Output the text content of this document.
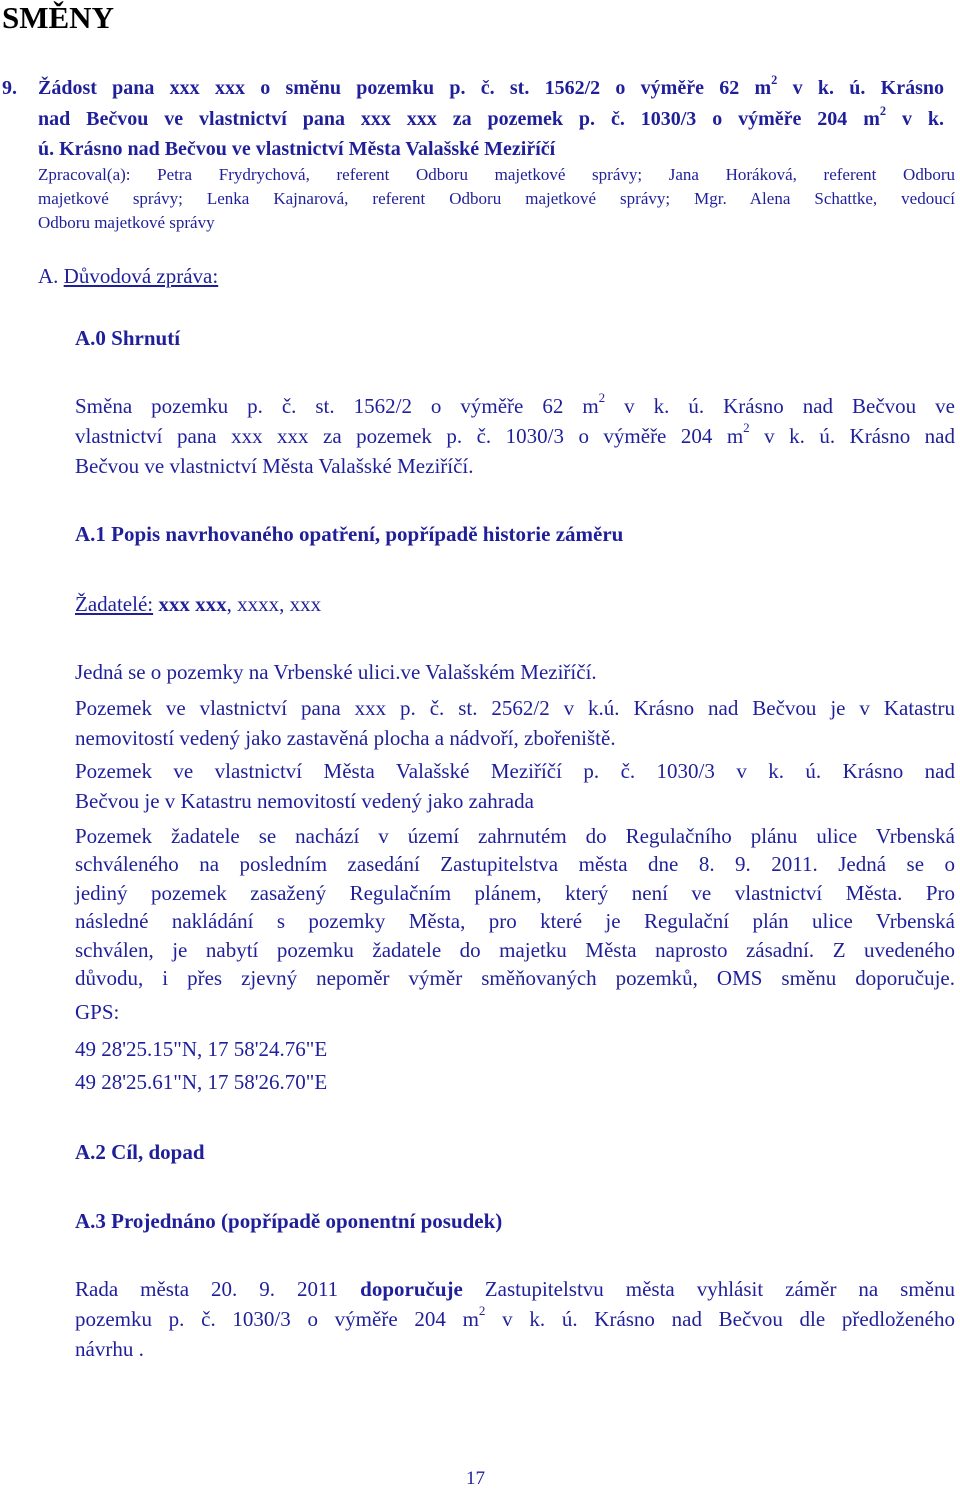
SMĚNY
9. Žádost pana xxx xxx o směnu pozemku p. č. st. 1562/2 o výměře 62 $m^2$ v k. ú. Krásno
nad Bečvou ve vlastnictví pana xxx xxx za pozemek p. č. 1030/3 o výměře 204 $m^2$ v k.
ú. Krásno nad Bečvou ve vlastnictví Města Valašské Meziříčí
Zpracoval(a): Petra Frydrychová, referent Odboru majetkové správy; Jana Horáková, referent Odboru
majetkové správy; Lenka Kajnarová, referent Odboru majetkové správy; Mgr. Alena Schattke, vedoucí
Odboru majetkové správy
A. Důvodová zpráva:
A.0 Shrnutí
Směna pozemku p. č. st. 1562/2 o výměře 62 $m^2$ v k. ú. Krásno nad Bečvou ve
vlastnictví pana xxx xxx za pozemek p. č. 1030/3 o výměře 204 $m^2$ v k. ú. Krásno nad
Bečvou ve vlastnictví Města Valašské Meziříčí.
A.1 Popis navrhovaného opatření, popřípadě historie záměru
Žadatelé: xxx xxx, xxxx, xxx
Jedná se o pozemky na Vrbenské ulici.ve Valašském Meziříčí.
Pozemek ve vlastnictví pana xxx p. č. st. 2562/2 v k.ú. Krásno nad Bečvou je v Katastru
nemovitostí vedený jako zastavěná plocha a nádvoří, zbořeniště.
Pozemek ve vlastnictví Města Valašské Meziříčí p. č. 1030/3 v k. ú. Krásno nad
Bečvou je v Katastru nemovitostí vedený jako zahrada
Pozemek žadatele se nachází v území zahrnutém do Regulačního plánu ulice Vrbenská
schváleného na posledním zasedání Zastupitelstva města dne 8. 9. 2011. Jedná se o
jediný pozemek zasažený Regulačním plánem, který není ve vlastnictví Města. Pro
následné nakládání s pozemky Města, pro které je Regulační plán ulice Vrbenská
schválen, je nabytí pozemku žadatele do majetku Města naprosto zásadní. Z uvedeného
důvodu, i přes zjevný nepoměr výměr směňovaných pozemků, OMS směnu doporučuje.
GPS:
49 28'25.15"N, 17 58'24.76"E
49 28'25.61"N, 17 58'26.70"E
A.2 Cíl, dopad
A.3 Projednáno (popřípadě oponentní posudek)
Rada města 20. 9. 2011 doporučuje Zastupitelstvu města vyhlásit záměr na směnu
pozemku p. č. 1030/3 o výměře 204 $m^2$ v k. ú. Krásno nad Bečvou dle předloženého
návrhu .
17
